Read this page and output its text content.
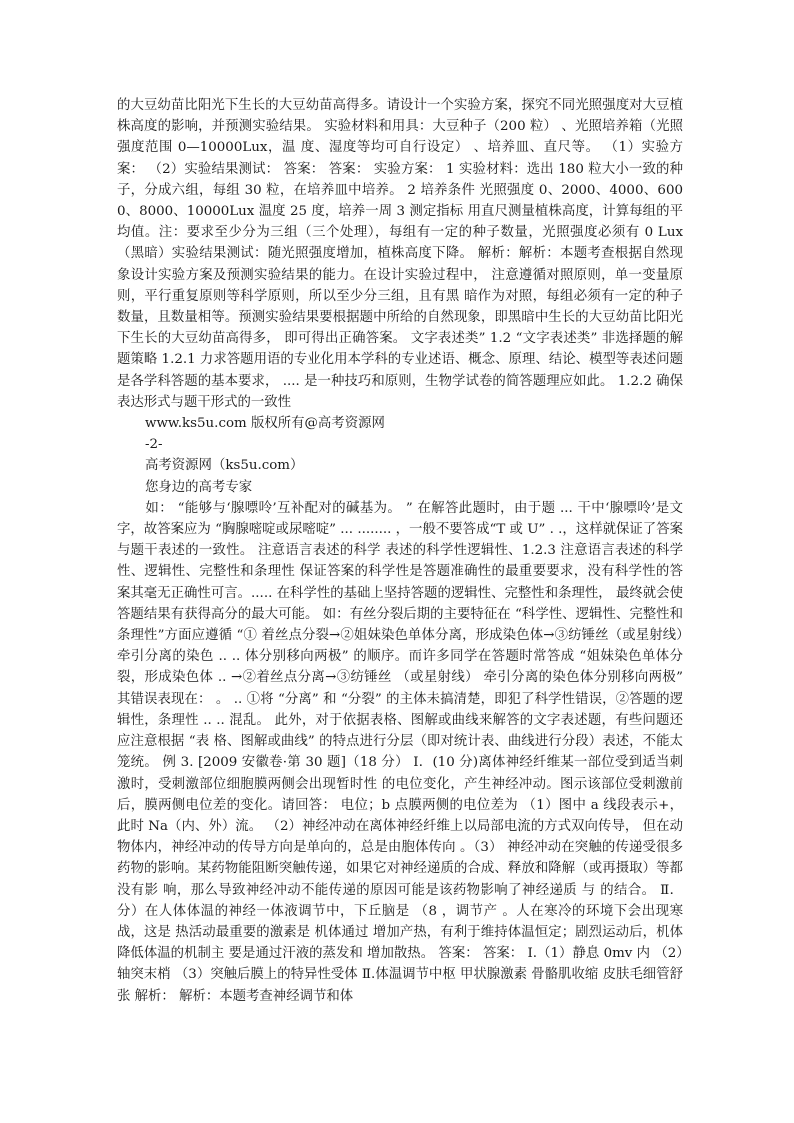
的大豆幼苗比阳光下生长的大豆幼苗高得多。请设计一个实验方案，探究不同光照强度对大豆植株高度的影响，并预测实验结果。 实验材料和用具：大豆种子（200 粒） 、光照培养箱（光照强度范围 0—10000Lux，温 度、湿度等均可自行设定） 、培养皿、直尺等。 （1）实验方案： （2）实验结果测试： 答案： 答案： 实验方案： 1 实验材料：选出 180 粒大小一致的种子，分成六组，每组 30 粒，在培养皿中培养。 2 培养条件 光照强度 0、2000、4000、6000、8000、10000Lux 温度 25 度，培养一周 3 测定指标 用直尺测量植株高度，计算每组的平均值。注：要求至少分为三组（三个处理），每组有一定的种子数量，光照强度必须有 0 Lux（黑暗）实验结果测试：随光照强度增加，植株高度下降。 解析：解析：本题考查根据自然现象设计实验方案及预测实验结果的能力。在设计实验过程中， 注意遵循对照原则，单一变量原则，平行重复原则等科学原则，所以至少分三组，且有黑 暗作为对照，每组必须有一定的种子数量，且数量相等。预测实验结果要根据题中所给的自然现象，即黑暗中生长的大豆幼苗比阳光下生长的大豆幼苗高得多， 即可得出正确答案。 文字表述类” 1.2 “文字表述类” 非选择题的解题策略 1.2.1 力求答题用语的专业化用本学科的专业述语、概念、原理、结论、模型等表述问题是各学科答题的基本要求， .... 是一种技巧和原则，生物学试卷的简答题理应如此。 1.2.2 确保表达形式与题干形式的一致性

www.ks5u.com 版权所有@高考资源网
-2-
高考资源网（ks5u.com）
您身边的高考专家

如： “能够与‘腺嘌呤’互补配对的碱基为。 ” 在解答此题时，由于题 ... 干中‘腺嘌呤’是文字，故答案应为 “胸腺嘧啶或尿嘧啶” ... ........ ，一般不要答成“T 或 U” . .，这样就保证了答案与题干表述的一致性。 注意语言表述的科学 表述的科学性逻辑性、1.2.3 注意语言表述的科学性、逻辑性、完整性和条理性 保证答案的科学性是答题准确性的最重要要求，没有科学性的答案其毫无正确性可言。..... 在科学性的基础上坚持答题的逻辑性、完整性和条理性， 最终就会使答题结果有获得高分的最大可能。 如：有丝分裂后期的主要特征在 “科学性、逻辑性、完整性和条理性”方面应遵循 “① 着丝点分裂→②姐妹染色单体分离，形成染色体→③纺锤丝（或星射线）牵引分离的染色 .. .. 体分别移向两极” 的顺序。而许多同学在答题时常答成 “姐妹染色单体分裂，形成染色体 .. →②着丝点分离→③纺锤丝 （或星射线） 牵引分离的染色体分别移向两极” 其错误表现在： 。 .. ①将 “分离” 和 “分裂” 的主体未搞清楚，即犯了科学性错误，②答题的逻辑性，条理性 .. .. 混乱。 此外，对于依据表格、图解或曲线来解答的文字表述题，有些问题还应注意根据 “表 格、图解或曲线” 的特点进行分层（即对统计表、曲线进行分段）表述，不能太笼统。 例 3. [2009 安徽卷·第 30 题]（18 分） Ⅰ．(10 分)离体神经纤维某一部位受到适当刺激时，受刺激部位细胞膜两侧会出现暂时性 的电位变化，产生神经冲动。图示该部位受刺激前后，膜两侧电位差的变化。请回答： 电位；b 点膜两侧的电位差为 （1）图中 a 线段表示+，此时 Na（内、外）流。 （2）神经冲动在离体神经纤维上以局部电流的方式双向传导， 但在动 物体内，神经冲动的传导方向是单向的，总是由胞体传向 。（3） 神经冲动在突触的传递受很多药物的影响。某药物能阻断突触传递，如果它对神经递质的合成、释放和降解（或再摄取）等都没有影 响，那么导致神经冲动不能传递的原因可能是该药物影响了神经递质 与 的结合。 Ⅱ． 分）在人体体温的神经一体液调节中，下丘脑是 （8 ，调节产 。人在寒冷的环境下会出现寒 战，这是 热活动最重要的激素是 机体通过 增加产热，有利于维持体温恒定；剧烈运动后，机体降低体温的机制主 要是通过汗液的蒸发和 增加散热。 答案： 答案： Ⅰ.（1）静息 0mv 内 （2）轴突末梢 （3）突触后膜上的特异性受体 Ⅱ.体温调节中枢 甲状腺激素 骨骼肌收缩 皮肤毛细管舒张 解析： 解析：本题考查神经调节和体
